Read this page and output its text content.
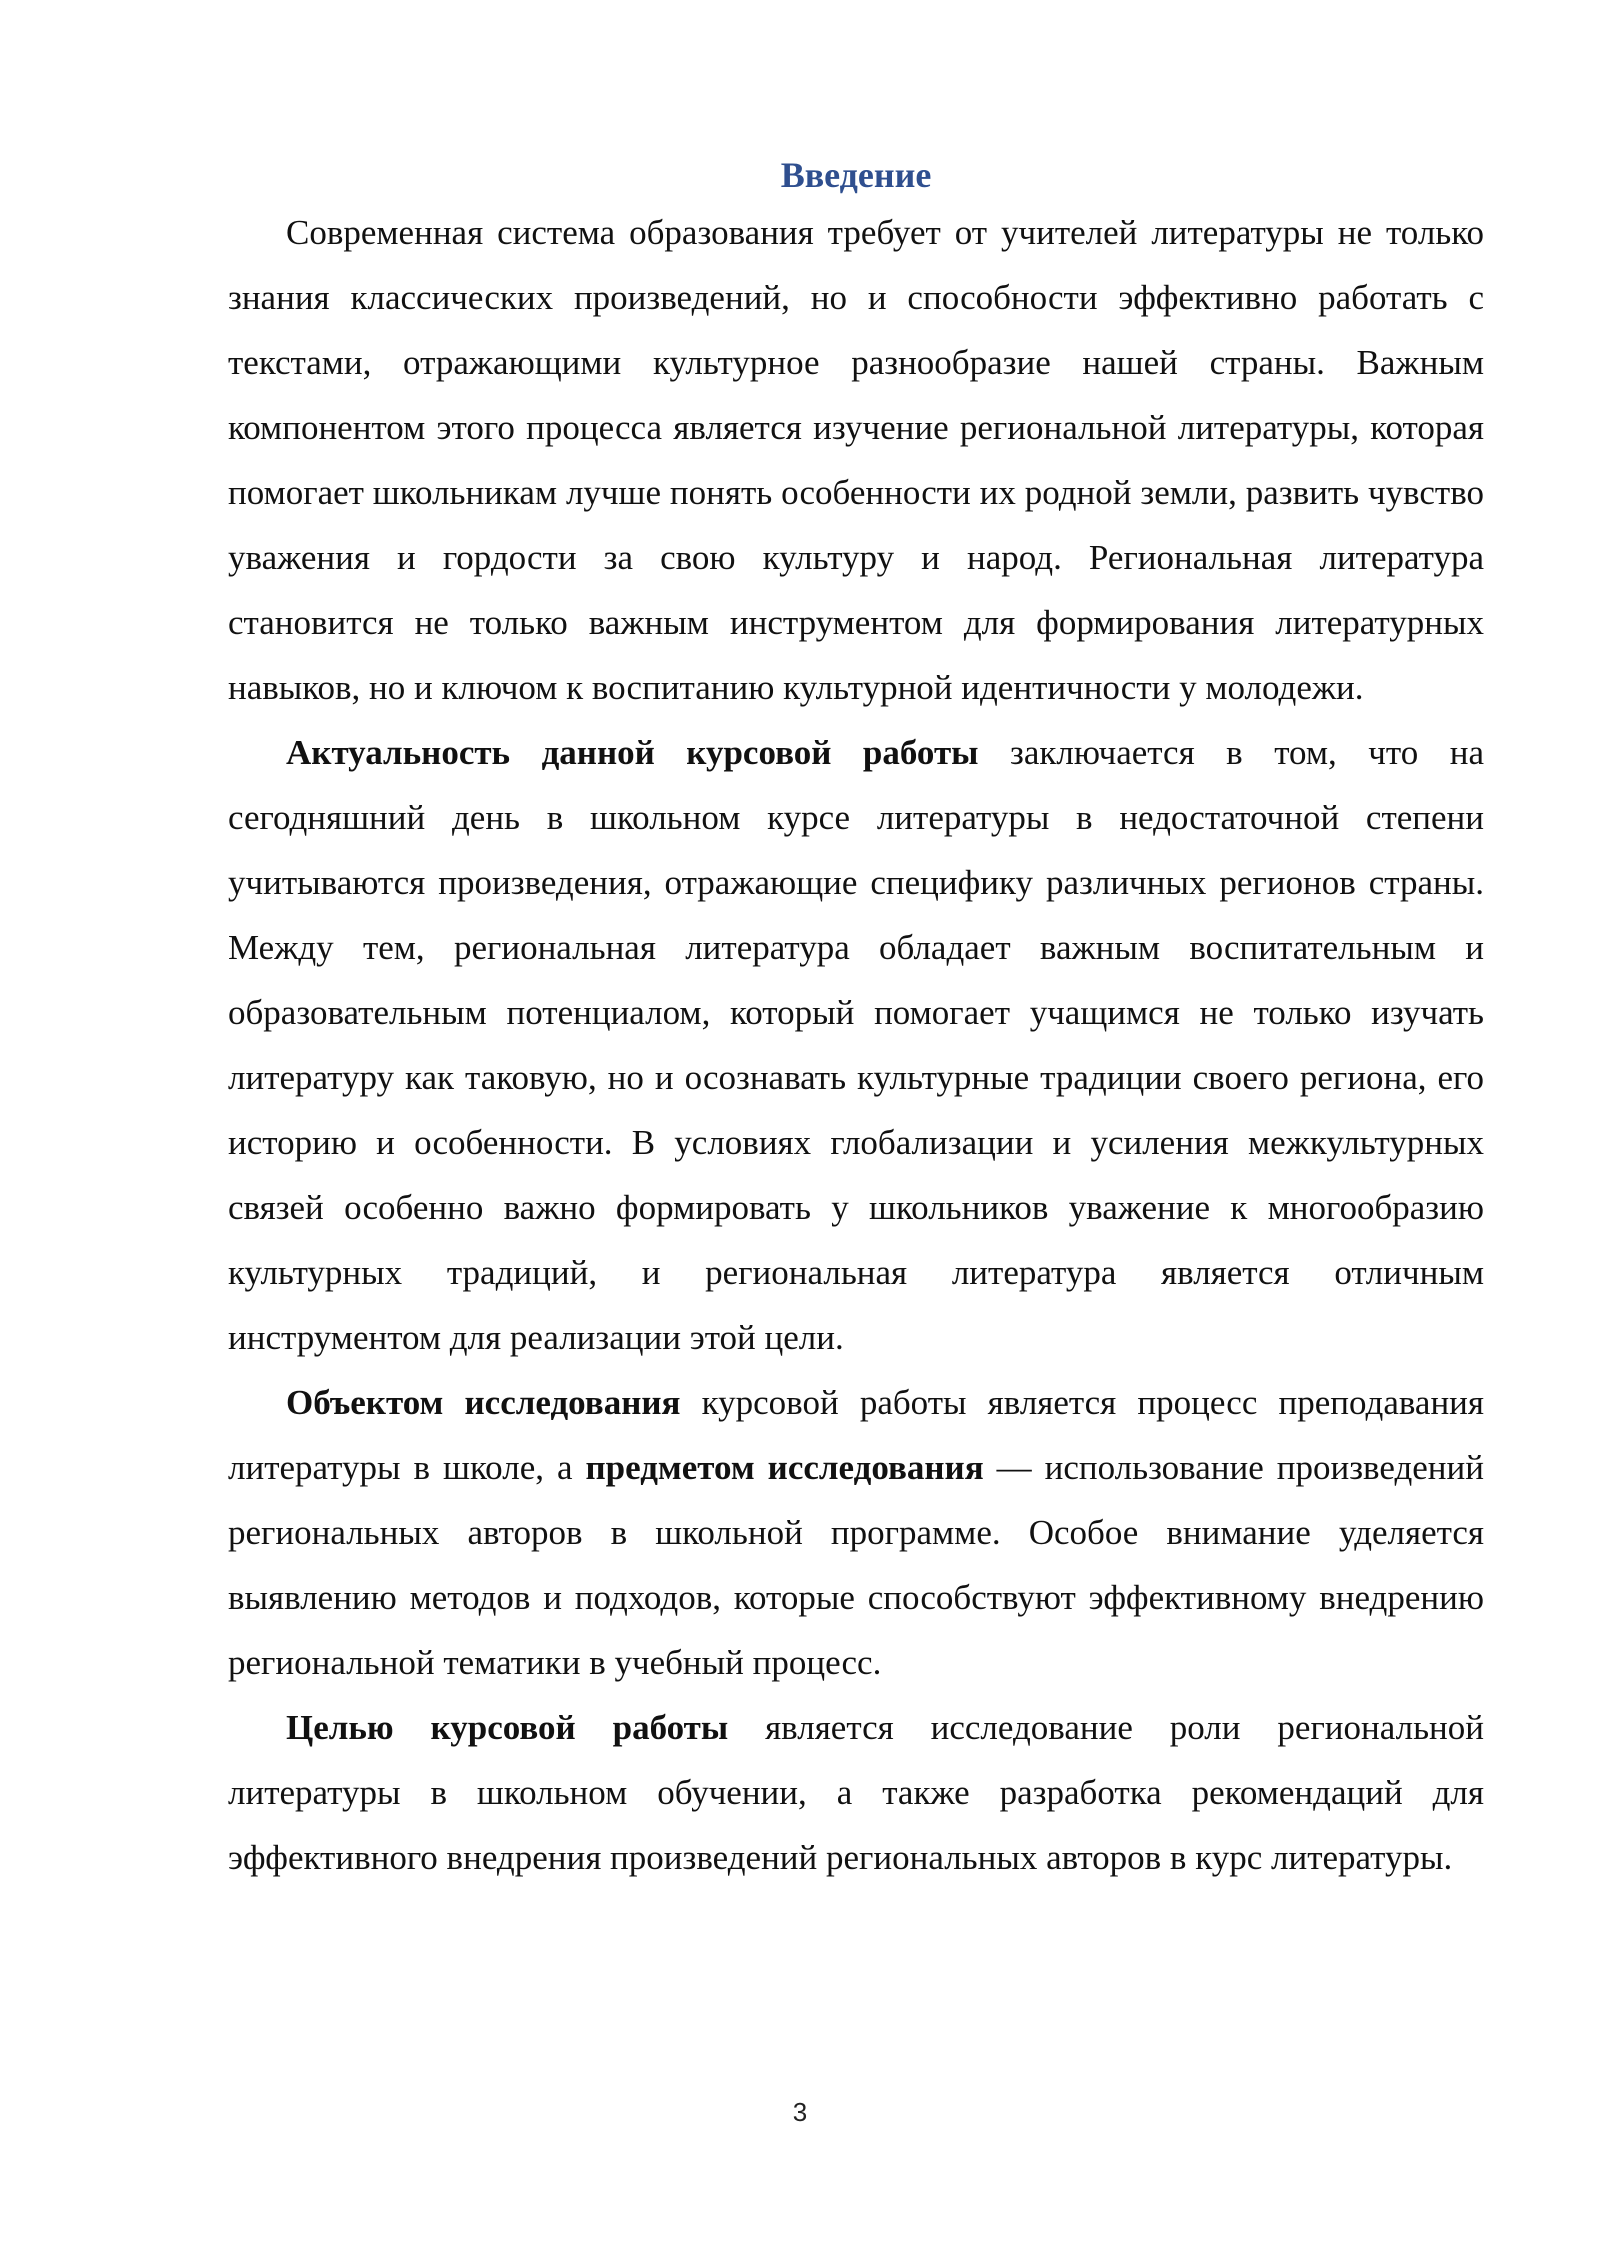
Введение

Современная система образования требует от учителей литературы не только знания классических произведений, но и способности эффективно работать с текстами, отражающими культурное разнообразие нашей страны. Важным компонентом этого процесса является изучение региональной литературы, которая помогает школьникам лучше понять особенности их родной земли, развить чувство уважения и гордости за свою культуру и народ. Региональная литература становится не только важным инструментом для формирования литературных навыков, но и ключом к воспитанию культурной идентичности у молодежи.

Актуальность данной курсовой работы заключается в том, что на сегодняшний день в школьном курсе литературы в недостаточной степени учитываются произведения, отражающие специфику различных регионов страны. Между тем, региональная литература обладает важным воспитательным и образовательным потенциалом, который помогает учащимся не только изучать литературу как таковую, но и осознавать культурные традиции своего региона, его историю и особенности. В условиях глобализации и усиления межкультурных связей особенно важно формировать у школьников уважение к многообразию культурных традиций, и региональная литература является отличным инструментом для реализации этой цели.

Объектом исследования курсовой работы является процесс преподавания литературы в школе, а предметом исследования — использование произведений региональных авторов в школьной программе. Особое внимание уделяется выявлению методов и подходов, которые способствуют эффективному внедрению региональной тематики в учебный процесс.

Целью курсовой работы является исследование роли региональной литературы в школьном обучении, а также разработка рекомендаций для эффективного внедрения произведений региональных авторов в курс литературы.

3
